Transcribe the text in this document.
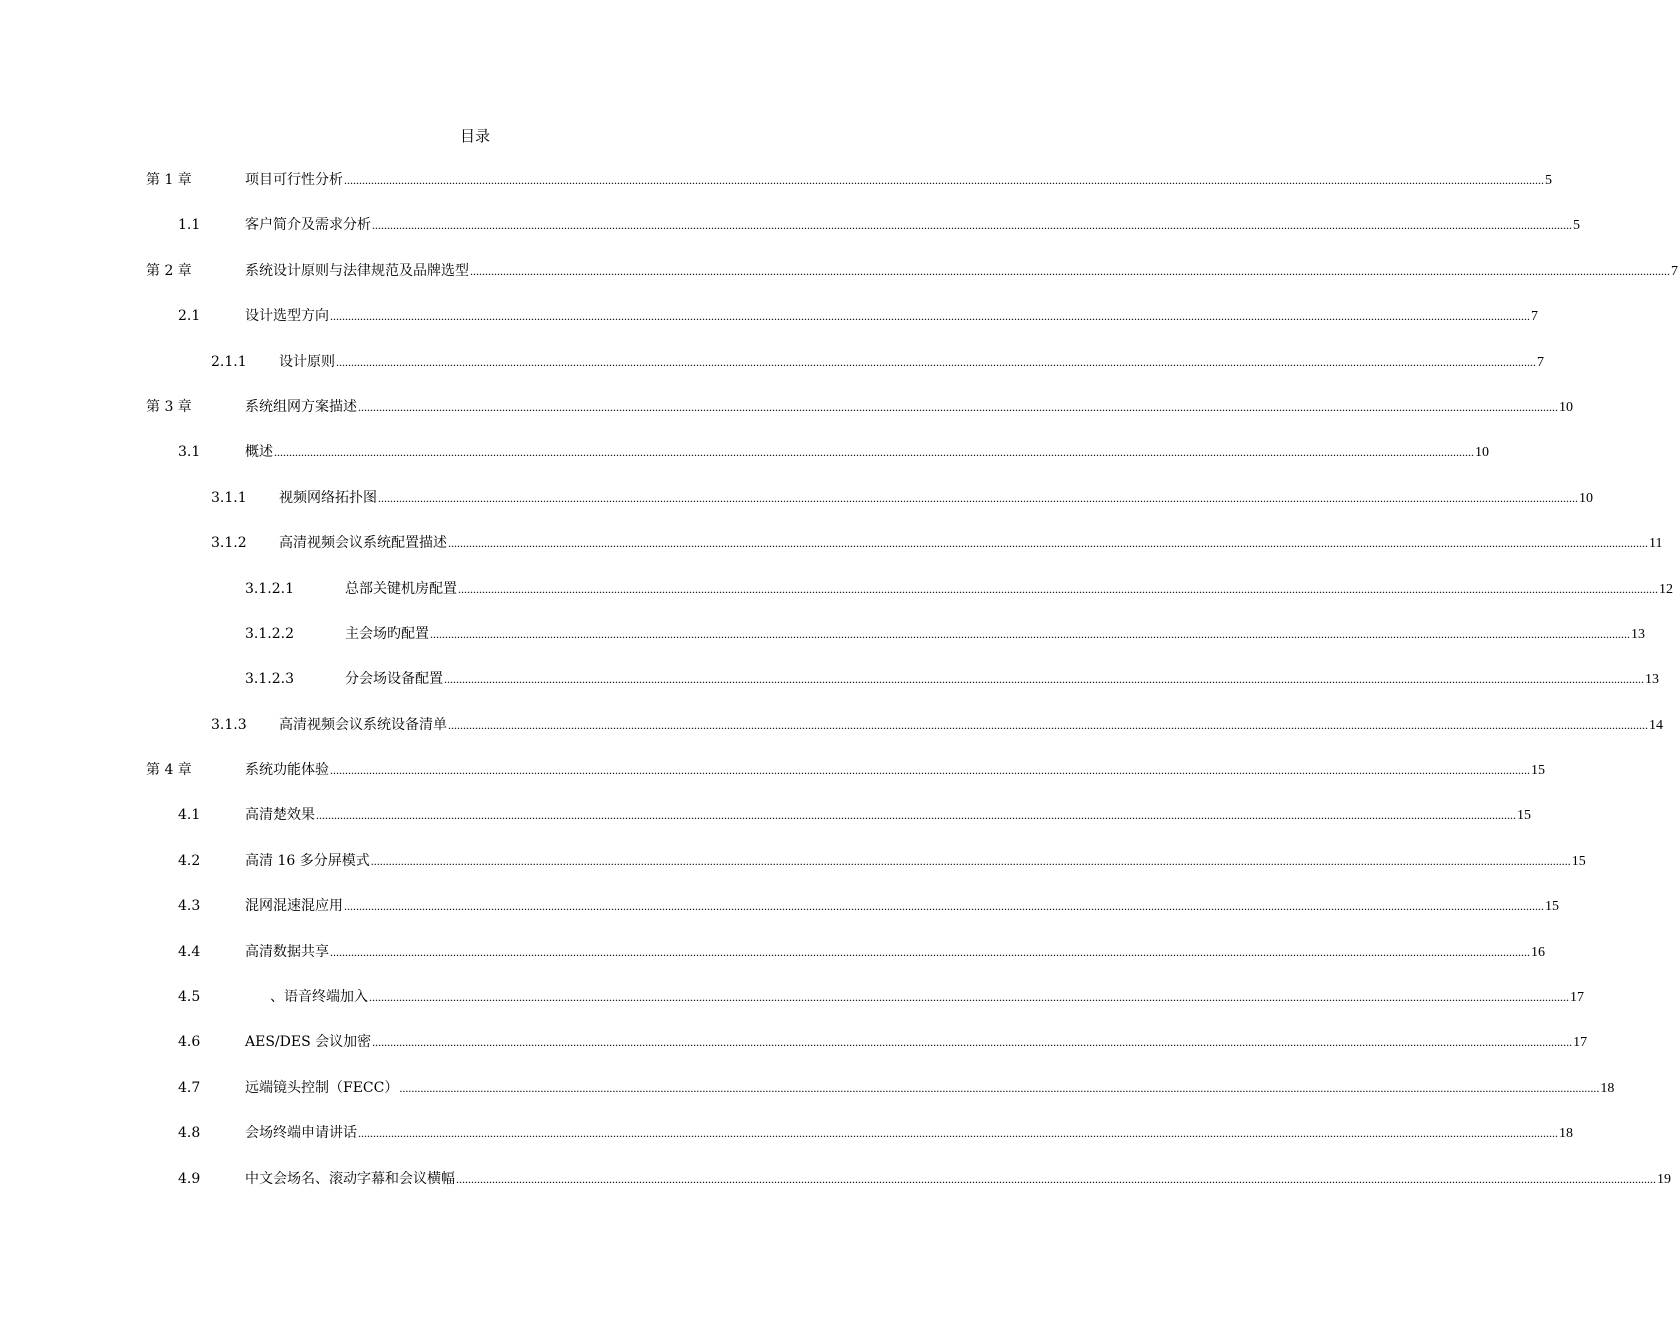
目录
第 1 章	项目可行性分析 ................................................................................................................................................................................................................................................................................................................................................................................................................ 5
1.1	客户简介及需求分析 ................................................................................................................................................................................................................................................................................................................................................................................................................ 5
第 2 章	系统设计原则与法律规范及品牌选型 ................................................................................................................................................................................................................................................................................................................................................................................................................ 7
2.1	设计选型方向 ................................................................................................................................................................................................................................................................................................................................................................................................................ 7
2.1.1 设计原则 ................................................................................................................................................................................................................................................................................................................................................................................................................ 7
第 3 章	系统组网方案描述 ................................................................................................................................................................................................................................................................................................................................................................................................................ 10
3.1	概述 ................................................................................................................................................................................................................................................................................................................................................................................................................ 10
3.1.1 视频网络拓扑图 ................................................................................................................................................................................................................................................................................................................................................................................................................ 10
3.1.2 高清视频会议系统配置描述 ................................................................................................................................................................................................................................................................................................................................................................................................................ 11
3.1.2.1	总部关键机房配置 ................................................................................................................................................................................................................................................................................................................................................................................................................ 12
3.1.2.2	主会场旳配置 ................................................................................................................................................................................................................................................................................................................................................................................................................ 13
3.1.2.3	分会场设备配置 ................................................................................................................................................................................................................................................................................................................................................................................................................ 13
3.1.3 高清视频会议系统设备清单 ................................................................................................................................................................................................................................................................................................................................................................................................................ 14
第 4 章	系统功能体验 ................................................................................................................................................................................................................................................................................................................................................................................................................ 15
4.1	高清楚效果 ................................................................................................................................................................................................................................................................................................................................................................................................................ 15
4.2	高清 16 多分屏模式 ................................................................................................................................................................................................................................................................................................................................................................................................................ 15
4.3	混网混速混应用 ................................................................................................................................................................................................................................................................................................................................................................................................................ 15
4.4	高清数据共享 ................................................................................................................................................................................................................................................................................................................................................................................................................ 16
4.5	、语音终端加入 ................................................................................................................................................................................................................................................................................................................................................................................................................ 17
4.6	AES/DES 会议加密 ................................................................................................................................................................................................................................................................................................................................................................................................................ 17
4.7	远端镜头控制（FECC） ................................................................................................................................................................................................................................................................................................................................................................................................................ 18
4.8	会场终端申请讲话 ................................................................................................................................................................................................................................................................................................................................................................................................................ 18
4.9	中文会场名、滚动字幕和会议横幅 ................................................................................................................................................................................................................................................................................................................................................................................................................ 19
